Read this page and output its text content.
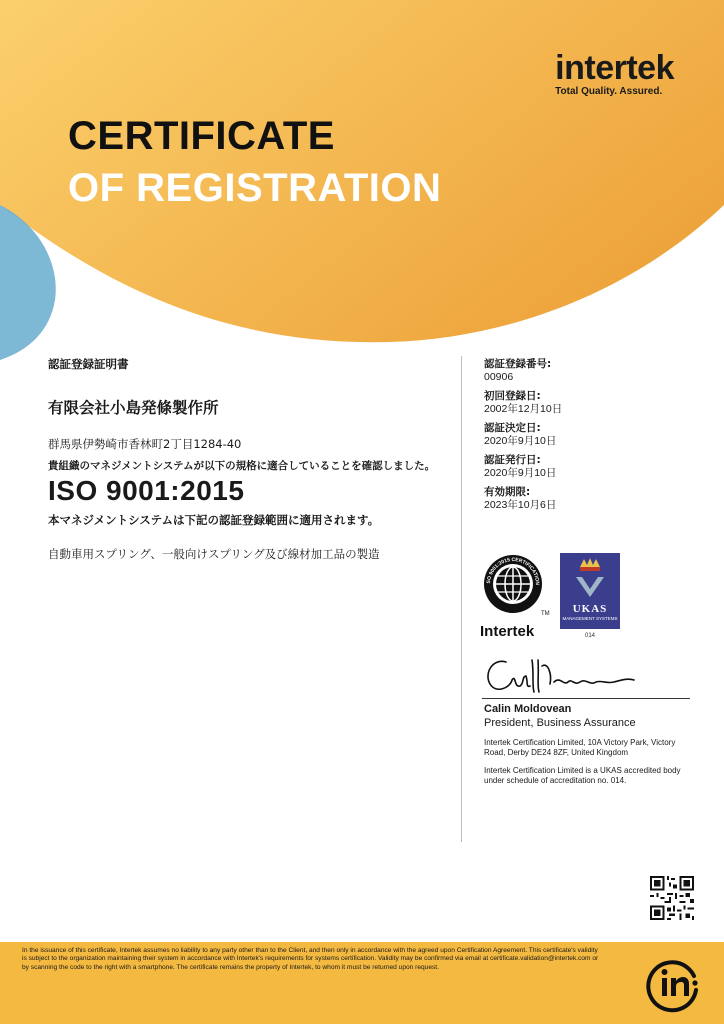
intertek
Total Quality. Assured.
CERTIFICATE
OF REGISTRATION
認証登録証明書
有限会社小島発條製作所
群馬県伊勢崎市香林町2丁目1284-40
貴組織のマネジメントシステムが以下の規格に適合していることを確認しました。
ISO 9001:2015
本マネジメントシステムは下記の認証登録範囲に適用されます。
自動車用スプリング、一般向けスプリング及び線材加工品の製造
認証登録番号:
00906
初回登録日:
2002年12月10日
認証決定日:
2020年9月10日
認証発行日:
2020年9月10日
有効期限:
2023年10月6日
SO 9001:2015 CERTIFICATION
TM
Intertek
UKAS
MANAGEMENT SYSTEMS
014
Calin Moldovean
President, Business Assurance

Intertek Certification Limited, 10A Victory Park, Victory Road, Derby DE24 8ZF, United Kingdom

Intertek Certification Limited is a UKAS accredited body under schedule of accreditation no. 014.

In the issuance of this certificate, Intertek assumes no liability to any party other than to the Client, and then only in accordance with the agreed upon Certification Agreement. This certificate's validity is subject to the organization maintaining their system in accordance with Intertek's requirements for systems certification. Validity may be confirmed via email at certificate.validation@intertek.com or by scanning the code to the right with a smartphone. The certificate remains the property of Intertek, to whom it must be returned upon request.
